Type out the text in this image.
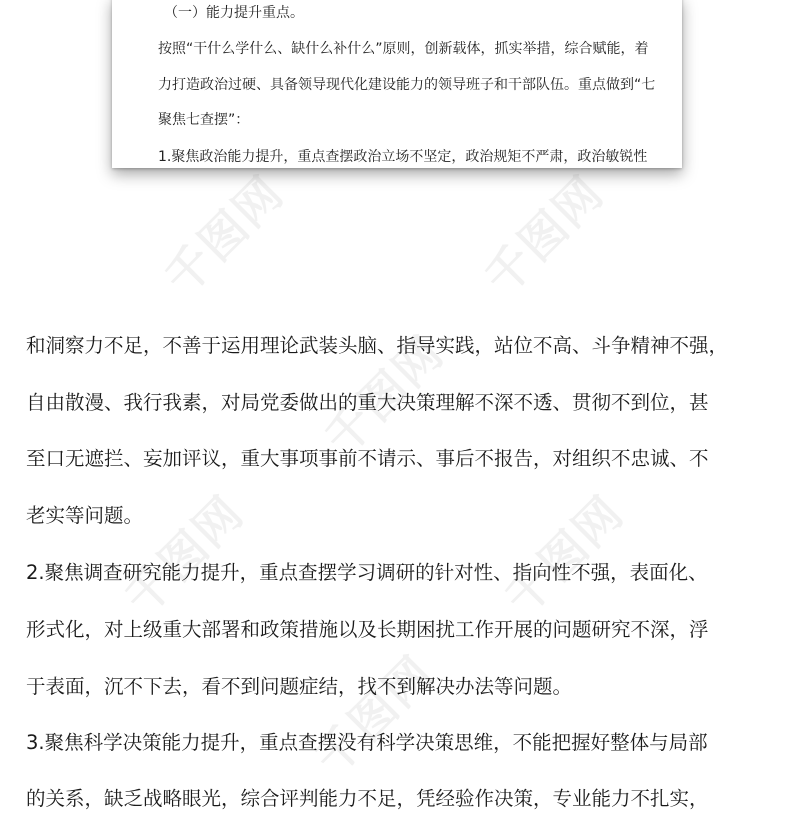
千图网	千图网
千图网
千图网	千图网
千图网
（一）能力提升重点。
按照“干什么学什么、缺什么补什么”原则，创新载体，抓实举措，综合赋能，着
力打造政治过硬、具备领导现代化建设能力的领导班子和干部队伍。重点做到“七
聚焦七查摆”：
1.聚焦政治能力提升，重点查摆政治立场不坚定，政治规矩不严肃，政治敏锐性
和洞察力不足，不善于运用理论武装头脑、指导实践，站位不高、斗争精神不强，
自由散漫、我行我素，对局党委做出的重大决策理解不深不透、贯彻不到位，甚
至口无遮拦、妄加评议，重大事项事前不请示、事后不报告，对组织不忠诚、不
老实等问题。
2.聚焦调查研究能力提升，重点查摆学习调研的针对性、指向性不强，表面化、
形式化，对上级重大部署和政策措施以及长期困扰工作开展的问题研究不深，浮
于表面，沉不下去，看不到问题症结，找不到解决办法等问题。
3.聚焦科学决策能力提升，重点查摆没有科学决策思维，不能把握好整体与局部
的关系，缺乏战略眼光，综合评判能力不足，凭经验作决策，专业能力不扎实，
